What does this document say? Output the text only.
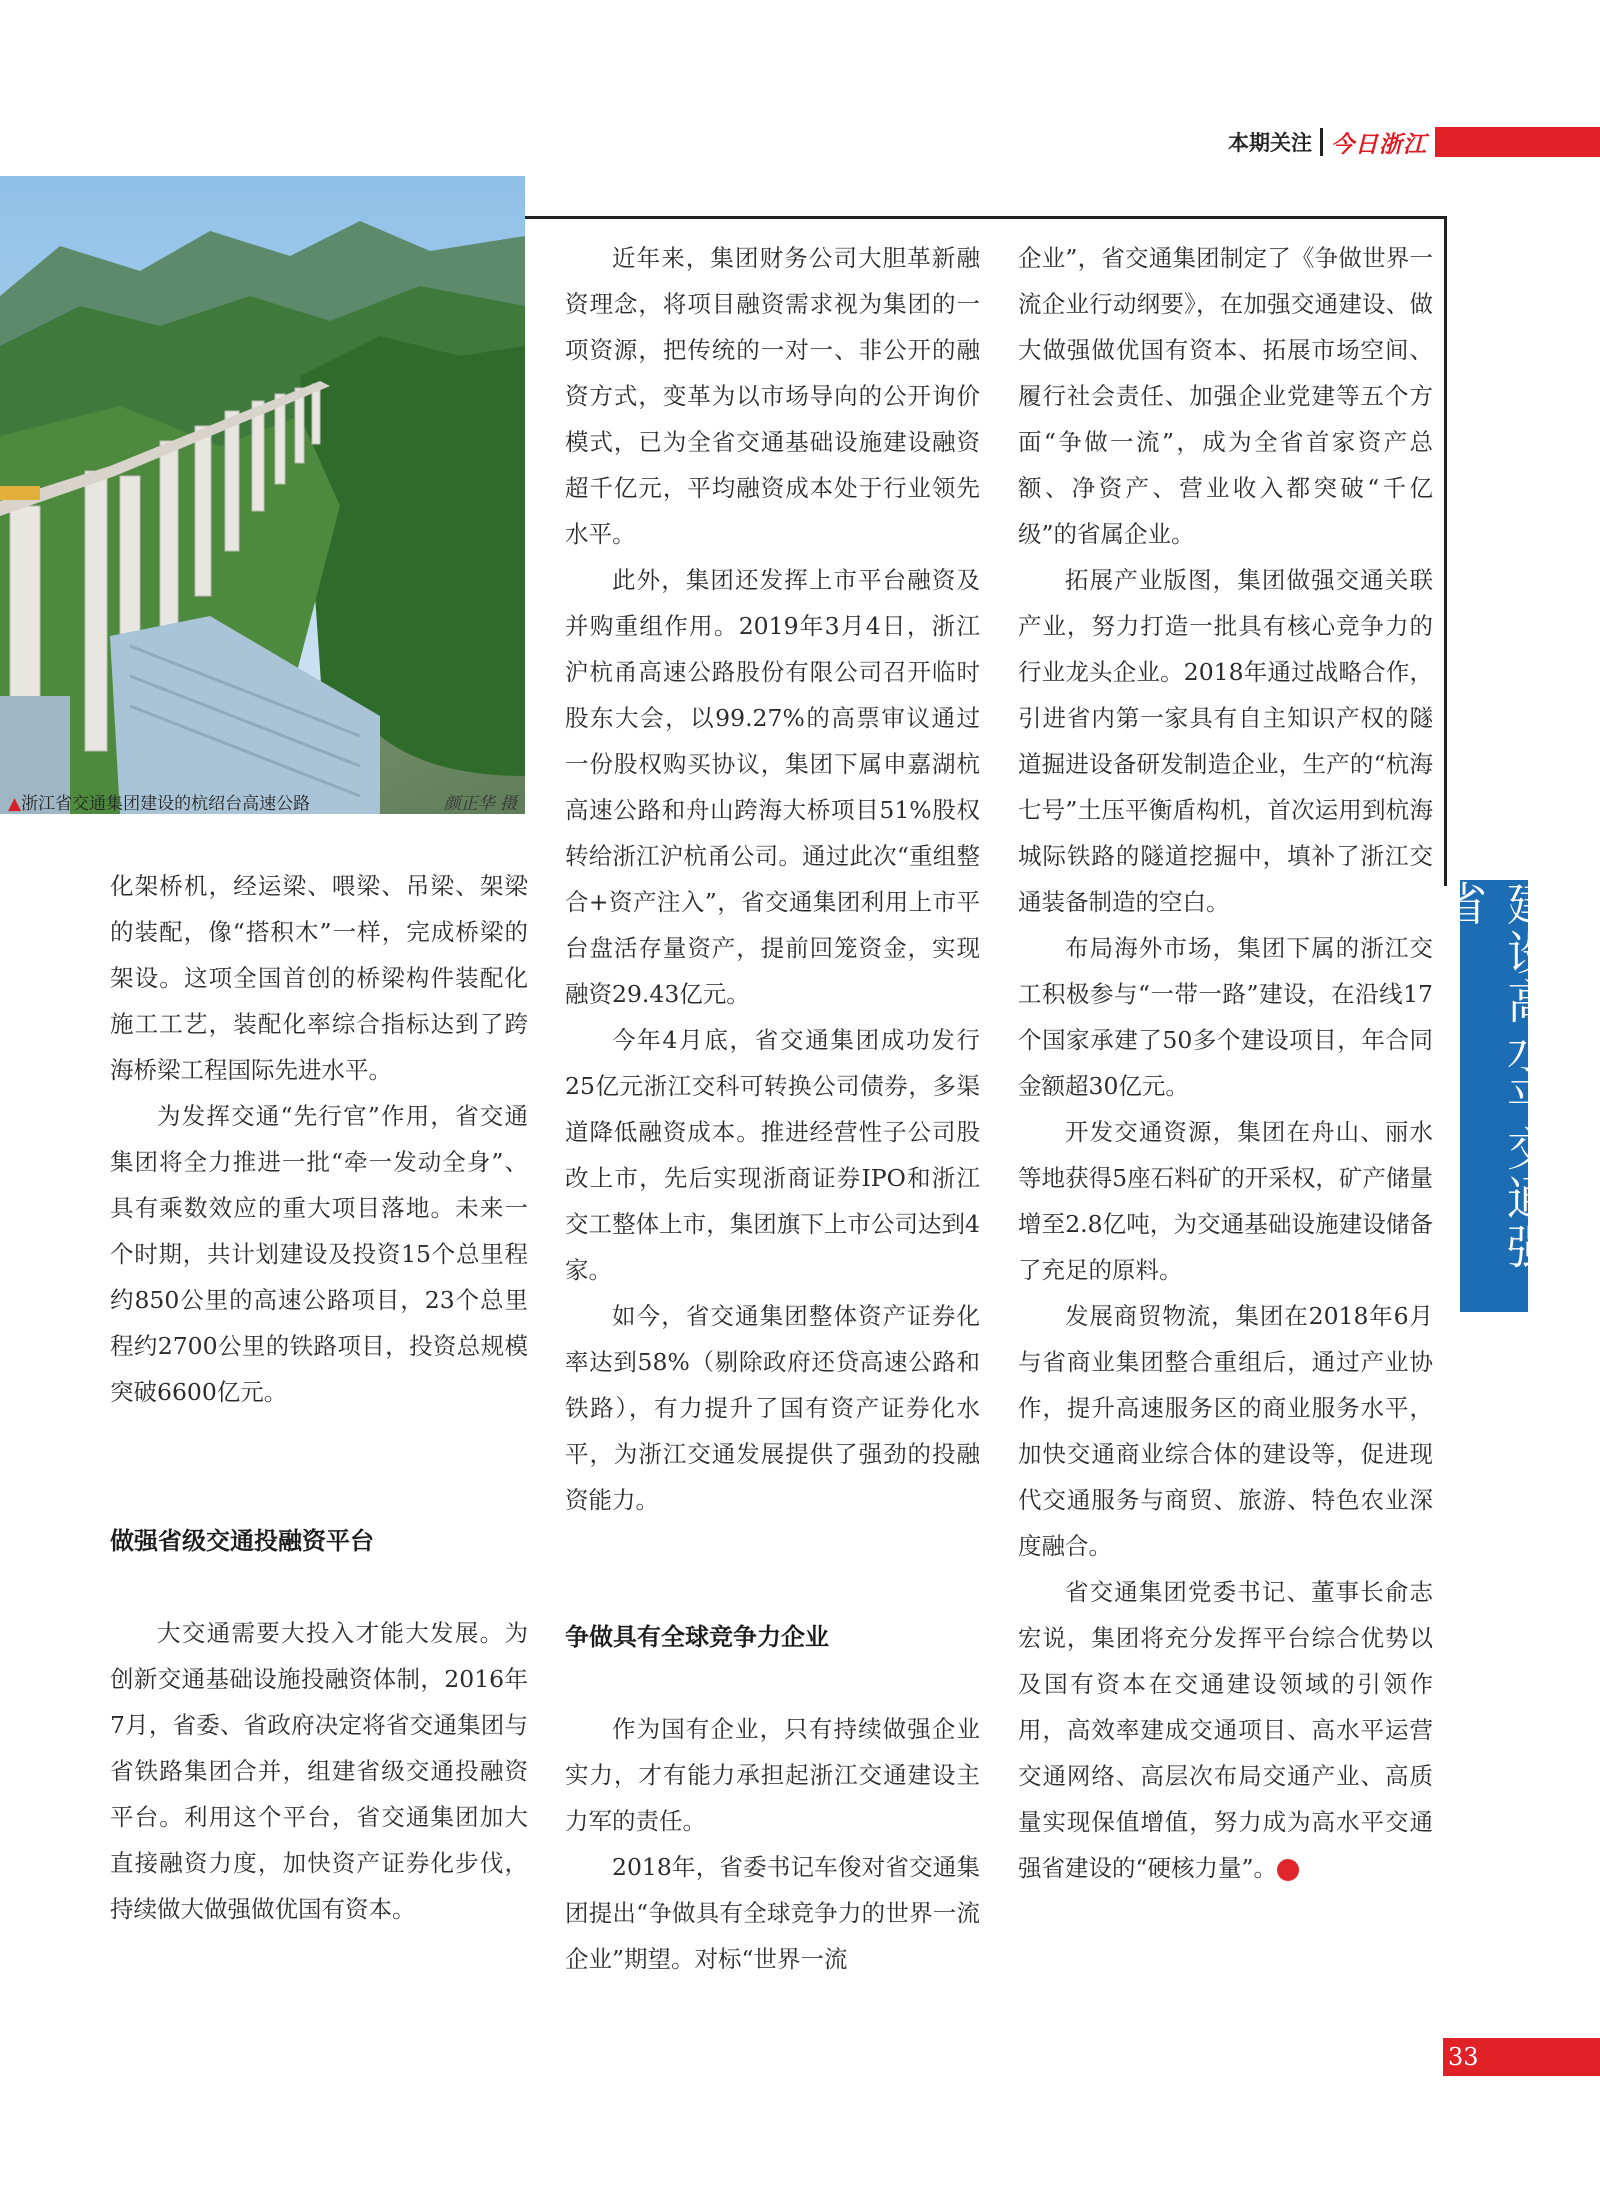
本期关注 今日浙江
▲浙江省交通集团建设的杭绍台高速公路	颜正华 摄

化架桥机，经运梁、喂梁、吊梁、架梁的装配，像“搭积木”一样，完成桥梁的架设。这项全国首创的桥梁构件装配化施工工艺，装配化率综合指标达到了跨海桥梁工程国际先进水平。

为发挥交通“先行官”作用，省交通集团将全力推进一批“牵一发动全身”、具有乘数效应的重大项目落地。未来一个时期，共计划建设及投资15个总里程约850公里的高速公路项目，23个总里程约2700公里的铁路项目，投资总规模突破6600亿元。

做强省级交通投融资平台

大交通需要大投入才能大发展。为创新交通基础设施投融资体制，2016年7月，省委、省政府决定将省交通集团与省铁路集团合并，组建省级交通投融资平台。利用这个平台，省交通集团加大直接融资力度，加快资产证券化步伐，持续做大做强做优国有资本。

近年来，集团财务公司大胆革新融资理念，将项目融资需求视为集团的一项资源，把传统的一对一、非公开的融资方式，变革为以市场导向的公开询价模式，已为全省交通基础设施建设融资超千亿元，平均融资成本处于行业领先水平。

此外，集团还发挥上市平台融资及并购重组作用。2019年3月4日，浙江沪杭甬高速公路股份有限公司召开临时股东大会，以99.27%的高票审议通过一份股权购买协议，集团下属申嘉湖杭高速公路和舟山跨海大桥项目51%股权转给浙江沪杭甬公司。通过此次“重组整合+资产注入”，省交通集团利用上市平台盘活存量资产，提前回笼资金，实现融资29.43亿元。

今年4月底，省交通集团成功发行25亿元浙江交科可转换公司债券，多渠道降低融资成本。推进经营性子公司股改上市，先后实现浙商证券IPO和浙江交工整体上市，集团旗下上市公司达到4家。

如今，省交通集团整体资产证券化率达到58%（剔除政府还贷高速公路和铁路），有力提升了国有资产证券化水平，为浙江交通发展提供了强劲的投融资能力。

争做具有全球竞争力企业

作为国有企业，只有持续做强企业实力，才有能力承担起浙江交通建设主力军的责任。

2018年，省委书记车俊对省交通集团提出“争做具有全球竞争力的世界一流企业”期望。对标“世界一流

企业”，省交通集团制定了《争做世界一流企业行动纲要》，在加强交通建设、做大做强做优国有资本、拓展市场空间、履行社会责任、加强企业党建等五个方面“争做一流”，成为全省首家资产总额、净资产、营业收入都突破“千亿级”的省属企业。

拓展产业版图，集团做强交通关联产业，努力打造一批具有核心竞争力的行业龙头企业。2018年通过战略合作，引进省内第一家具有自主知识产权的隧道掘进设备研发制造企业，生产的“杭海七号”土压平衡盾构机，首次运用到杭海城际铁路的隧道挖掘中，填补了浙江交通装备制造的空白。

布局海外市场，集团下属的浙江交工积极参与“一带一路”建设，在沿线17个国家承建了50多个建设项目，年合同金额超30亿元。

开发交通资源，集团在舟山、丽水等地获得5座石料矿的开采权，矿产储量增至2.8亿吨，为交通基础设施建设储备了充足的原料。

发展商贸物流，集团在2018年6月与省商业集团整合重组后，通过产业协作，提升高速服务区的商业服务水平，加快交通商业综合体的建设等，促进现代交通服务与商贸、旅游、特色农业深度融合。

省交通集团党委书记、董事长俞志宏说，集团将充分发挥平台综合优势以及国有资本在交通建设领域的引领作用，高效率建成交通项目、高水平运营交通网络、高层次布局交通产业、高质量实现保值增值，努力成为高水平交通强省建设的“硬核力量”。	今

建设高水平交通强省
33
